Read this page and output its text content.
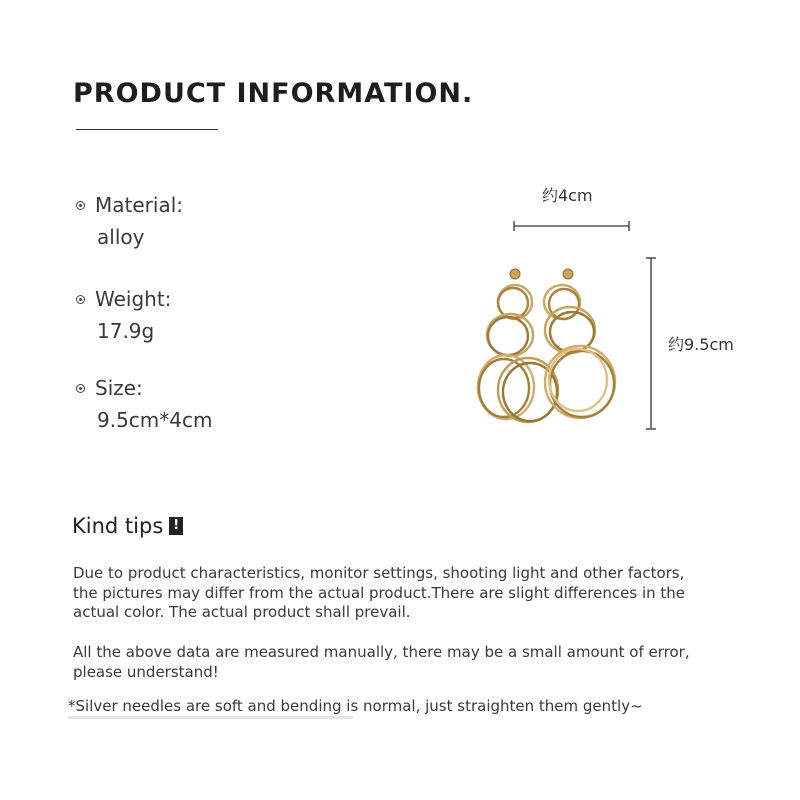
PRODUCT INFORMATION.
Material:
alloy
Weight:
17.9g
Size:
9.5cm*4cm
约4cm
约9.5cm
Kind tips !
Due to product characteristics, monitor settings, shooting light and other factors, the pictures may differ from the actual product.There are slight differences in the actual color. The actual product shall prevail.
All the above data are measured manually, there may be a small amount of error, please understand!
*Silver needles are soft and bending is normal, just straighten them gently~
